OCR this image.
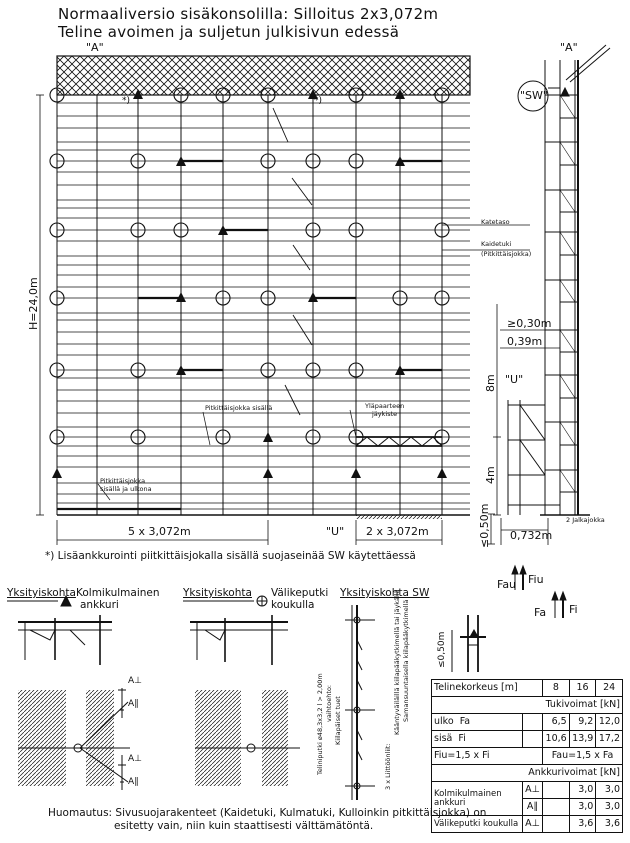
Normaaliversio sisäkonsolilla: Silloitus 2x3,072m
Teline avoimen ja suljetun julkisivun edessä
"A"	"A"
*)	*)	"SW"
H=24,0m
8m
4m
≤0,50m
Katetaso
Kaidetuki
(Pitkittäisjokka)
≥0,30m
0,39m
"U"
Pitkittäisjokka sisällä	Yläpaarteen
jäykiste
Pitkittäisjokka
sisällä ja ulkona
2 Jalkajokka
5 x 3,072m	"U" 2 x 3,072m	0,732m
*) Lisäankkurointi piitkittäisjokalla sisällä suojaseinää SW käytettäessä
Fau Fiu
Fa Fi
Yksityiskohta Kolmikulmainen
ankkuri
Yksityiskohta Välikeputki
koukulla
Yksityiskohta SW
A⊥
A∥
A⊥
A∥
Teliniputki ø48,3x3,2 l > 2,00m vaihtoehto: Kiilapäiset tuet
3 x Liittöönliit:
Kääntyväiläillä kiilapääkytkimellä tai jäykällä Samansuuntaisella kiilapääkytkimellä	≤0,50m
Telinekorkeus [m]		8	16	24
Tukivoimat [kN]				
ulko Fa		6,5	9,2	12,0
sisä Fi		10,6	13,9	17,2
Fiu=1,5 x Fi		Fau=1,5 x Fa		
Ankkurivoimat [kN]				
Kolmikulmainen
ankkuri	A⊥		3,0	3,0
	A∥		3,0	3,0
Välikeputki koukulla	A⊥		3,6	3,6
Huomautus: Sivusuojarakenteet (Kaidetuki, Kulmatuki, Kulloinkin pitkittäisjokka) on
esitetty vain, niin kuin staattisesti välttämätöntä.
